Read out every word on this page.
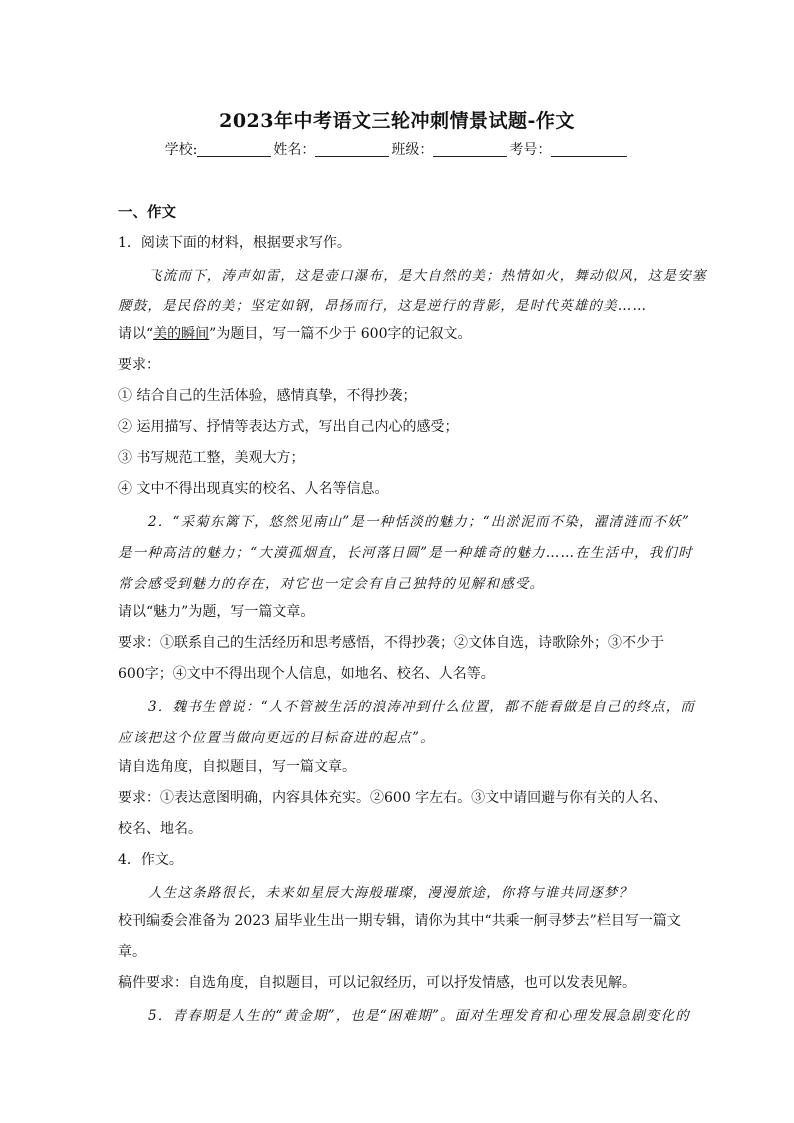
2023年中考语文三轮冲刺情景试题-作文
学校:	姓名：	班级：	考号：
一、作文
1．阅读下面的材料，根据要求写作。
飞流而下，涛声如雷，这是壶口瀑布，是大自然的美；热情如火，舞动似风，这是安塞
腰鼓，是民俗的美；坚定如钢，昂扬而行，这是逆行的背影，是时代英雄的美……
请以“美的瞬间”为题目，写一篇不少于 600字的记叙文。
要求：
① 结合自己的生活体验，感情真挚，不得抄袭；
② 运用描写、抒情等表达方式，写出自己内心的感受；
③ 书写规范工整，美观大方；
④ 文中不得出现真实的校名、人名等信息。
2．“采菊东篱下，悠然见南山”是一种恬淡的魅力；“出淤泥而不染，濯清涟而不妖”
是一种高洁的魅力；“大漠孤烟直，长河落日圆”是一种雄奇的魅力……在生活中，我们时
常会感受到魅力的存在，对它也一定会有自己独特的见解和感受。
请以“魅力”为题，写一篇文章。
要求：①联系自己的生活经历和思考感悟，不得抄袭；②文体自选，诗歌除外；③不少于
600字；④文中不得出现个人信息，如地名、校名、人名等。
3．魏书生曾说：“人不管被生活的浪涛冲到什么位置，都不能看做是自己的终点，而
应该把这个位置当做向更远的目标奋进的起点”。
请自选角度，自拟题目，写一篇文章。
要求：①表达意图明确，内容具体充实。②600 字左右。③文中请回避与你有关的人名、
校名、地名。
4．作文。
人生这条路很长，未来如星辰大海般璀璨，漫漫旅途，你将与谁共同逐梦？
校刊编委会准备为 2023 届毕业生出一期专辑，请你为其中“共乘一舸寻梦去”栏目写一篇文
章。
稿件要求：自选角度，自拟题目，可以记叙经历，可以抒发情感，也可以发表见解。
5．青春期是人生的“黄金期”，也是“困难期”。面对生理发育和心理发展急剧变化的
